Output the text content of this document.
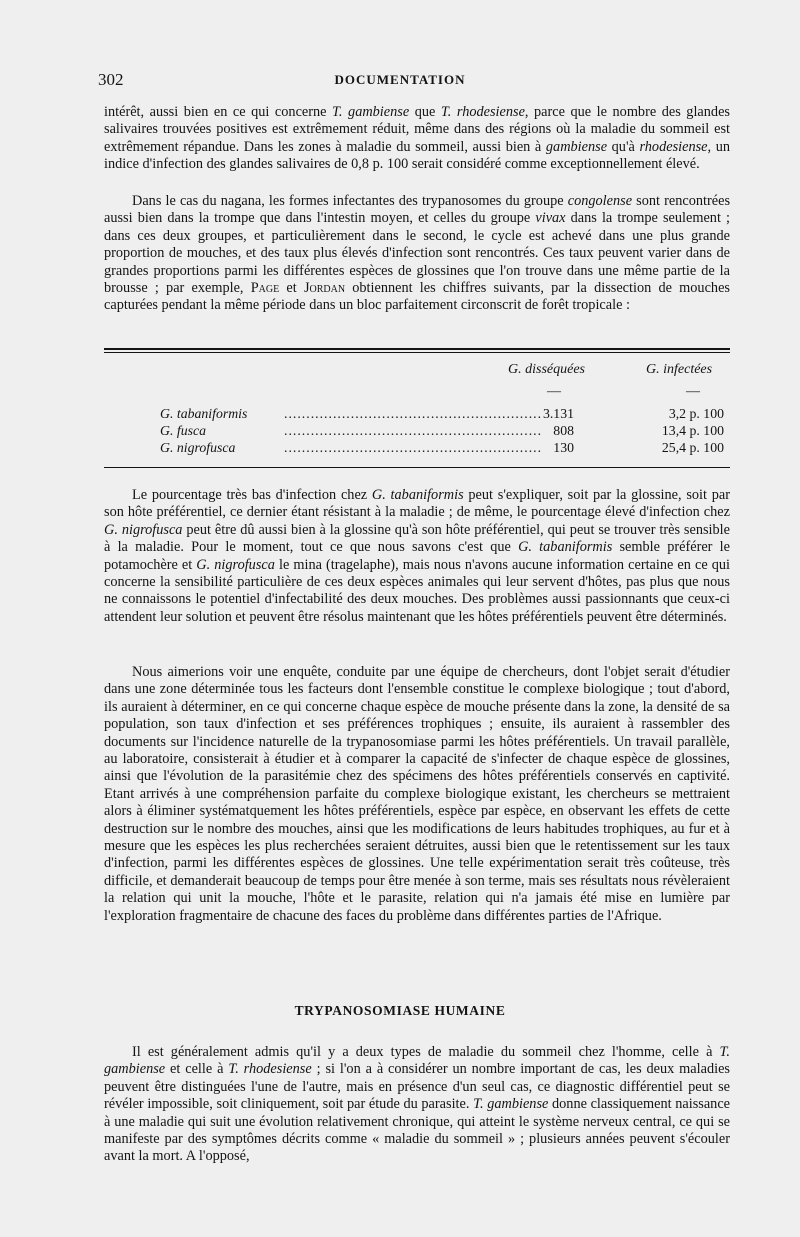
302	DOCUMENTATION

intérêt, aussi bien en ce qui concerne T. gambiense que T. rhodesiense, parce que le nombre des glandes salivaires trouvées positives est extrêmement réduit, même dans des régions où la maladie du sommeil est extrêmement répandue. Dans les zones à maladie du sommeil, aussi bien à gambiense qu'à rhodesiense, un indice d'infection des glandes salivaires de 0,8 p. 100 serait considéré comme exceptionnellement élevé.

Dans le cas du nagana, les formes infectantes des trypanosomes du groupe congolense sont rencontrées aussi bien dans la trompe que dans l'intestin moyen, et celles du groupe vivax dans la trompe seulement ; dans ces deux groupes, et particulièrement dans le second, le cycle est achevé dans une plus grande proportion de mouches, et des taux plus élevés d'infection sont rencontrés. Ces taux peuvent varier dans de grandes proportions parmi les différentes espèces de glossines que l'on trouve dans une même partie de la brousse ; par exemple, Page et Jordan obtiennent les chiffres suivants, par la dissection de mouches capturées pendant la même période dans un bloc parfaitement circonscrit de forêt tropicale :

G. disséquées	G. infectées
—	—
G. tabaniformis	.......................................................... 3.131	3,2 p. 100
G. fusca	.......................................................... 808	13,4 p. 100
G. nigrofusca	.......................................................... 130	25,4 p. 100

Le pourcentage très bas d'infection chez G. tabaniformis peut s'expliquer, soit par la glossine, soit par son hôte préférentiel, ce dernier étant résistant à la maladie ; de même, le pourcentage élevé d'infection chez G. nigrofusca peut être dû aussi bien à la glossine qu'à son hôte préférentiel, qui peut se trouver très sensible à la maladie. Pour le moment, tout ce que nous savons c'est que G. tabaniformis semble préférer le potamochère et G. nigrofusca le mina (tragelaphe), mais nous n'avons aucune information certaine en ce qui concerne la sensibilité particulière de ces deux espèces animales qui leur servent d'hôtes, pas plus que nous ne connaissons le potentiel d'infectabilité des deux mouches. Des problèmes aussi passionnants que ceux-ci attendent leur solution et peuvent être résolus maintenant que les hôtes préférentiels peuvent être déterminés.

Nous aimerions voir une enquête, conduite par une équipe de chercheurs, dont l'objet serait d'étudier dans une zone déterminée tous les facteurs dont l'ensemble constitue le complexe biologique ; tout d'abord, ils auraient à déterminer, en ce qui concerne chaque espèce de mouche présente dans la zone, la densité de sa population, son taux d'infection et ses préférences trophiques ; ensuite, ils auraient à rassembler des documents sur l'incidence naturelle de la trypanosomiase parmi les hôtes préférentiels. Un travail parallèle, au laboratoire, consisterait à étudier et à comparer la capacité de s'infecter de chaque espèce de glossines, ainsi que l'évolution de la parasitémie chez des spécimens des hôtes préférentiels conservés en captivité. Etant arrivés à une compréhension parfaite du complexe biologique existant, les chercheurs se mettraient alors à éliminer systématquement les hôtes préférentiels, espèce par espèce, en observant les effets de cette destruction sur le nombre des mouches, ainsi que les modifications de leurs habitudes trophiques, au fur et à mesure que les espèces les plus recherchées seraient détruites, aussi bien que le retentissement sur les taux d'infection, parmi les différentes espèces de glossines. Une telle expérimentation serait très coûteuse, très difficile, et demanderait beaucoup de temps pour être menée à son terme, mais ses résultats nous révèleraient la relation qui unit la mouche, l'hôte et le parasite, relation qui n'a jamais été mise en lumière par l'exploration fragmentaire de chacune des faces du problème dans différentes parties de l'Afrique.

TRYPANOSOMIASE HUMAINE

Il est généralement admis qu'il y a deux types de maladie du sommeil chez l'homme, celle à T. gambiense et celle à T. rhodesiense ; si l'on a à considérer un nombre important de cas, les deux maladies peuvent être distinguées l'une de l'autre, mais en présence d'un seul cas, ce diagnostic différentiel peut se révéler impossible, soit cliniquement, soit par étude du parasite. T. gambiense donne classiquement naissance à une maladie qui suit une évolution relativement chronique, qui atteint le système nerveux central, ce qui se manifeste par des symptômes décrits comme « maladie du sommeil » ; plusieurs années peuvent s'écouler avant la mort. A l'opposé,
